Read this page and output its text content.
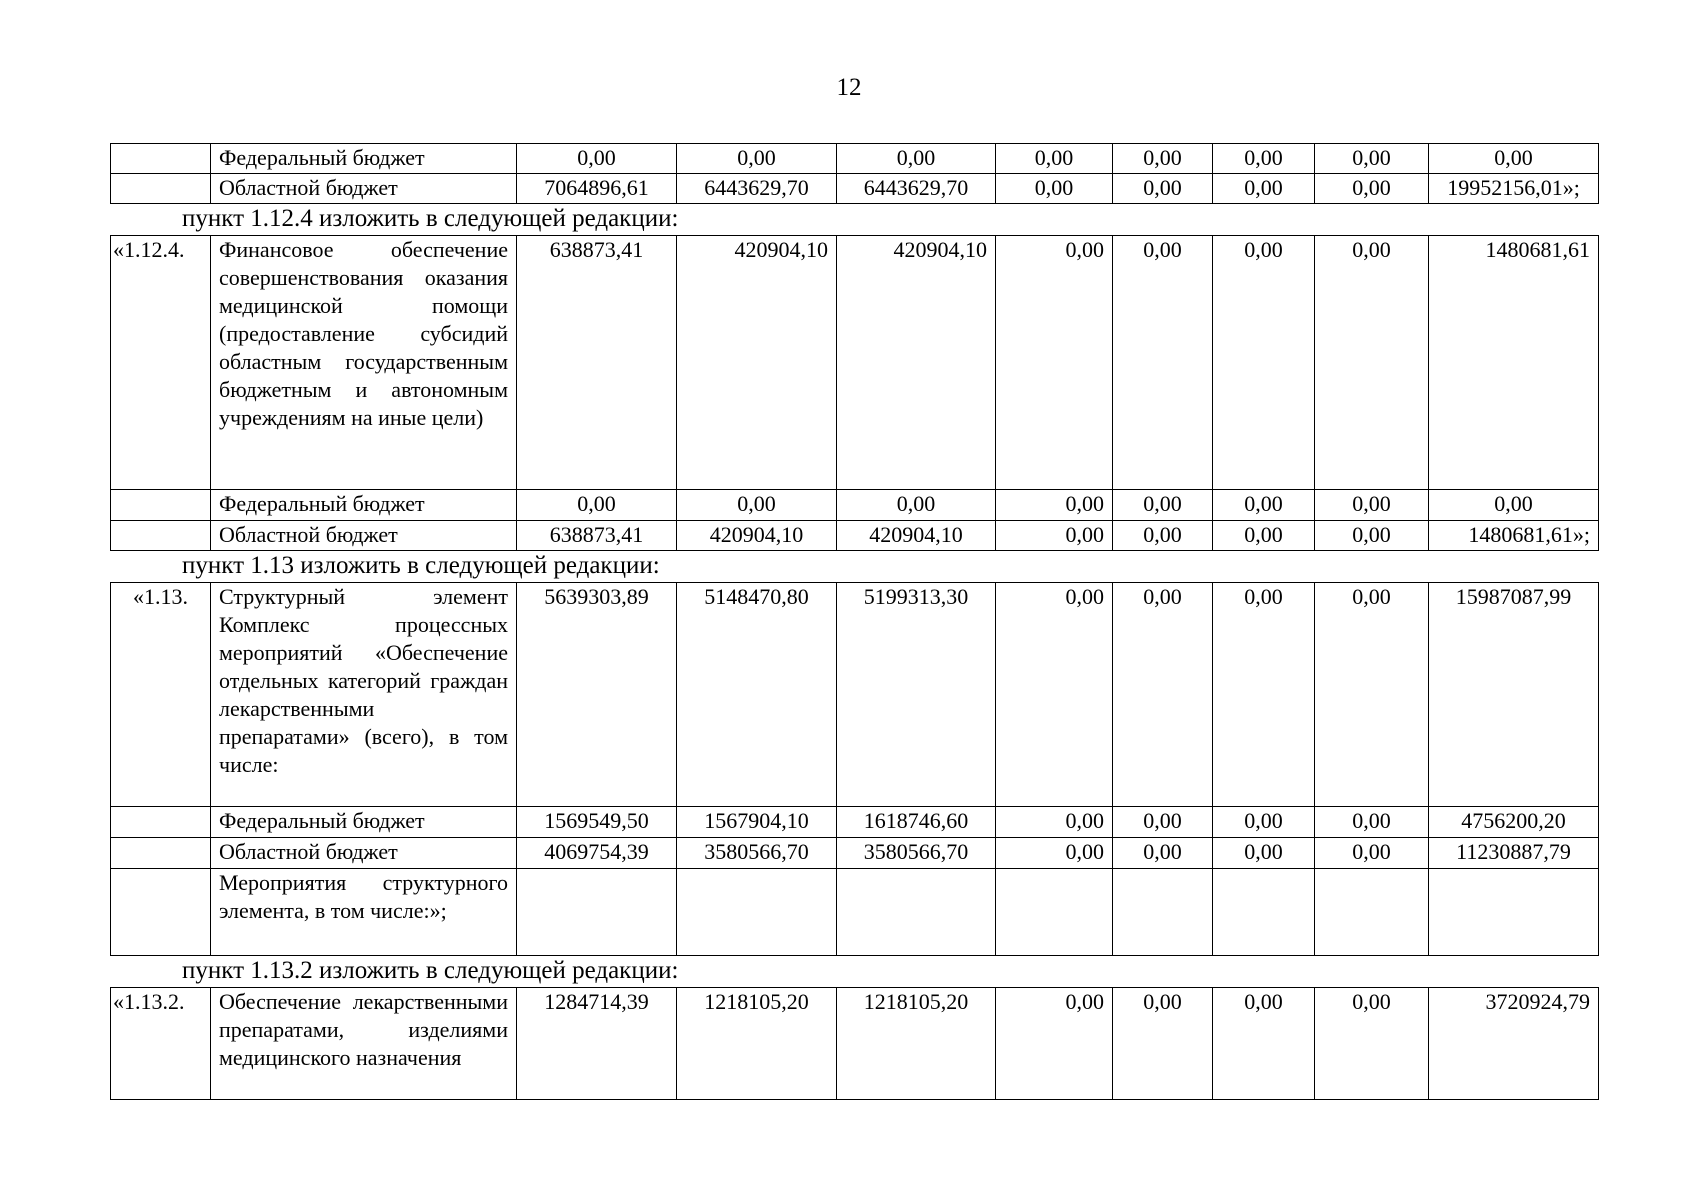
12
	Федеральный бюджет	0,00	0,00	0,00	0,00	0,00	0,00	0,00	0,00
	Областной бюджет	7064896,61	6443629,70	6443629,70	0,00	0,00	0,00	0,00	19952156,01»;
пункт 1.12.4 изложить в следующей редакции:
«1.12.4.	Финансовое обеспечение совершенствования оказания медицинской помощи (предоставление субсидий областным государственным бюджетным и автономным учреждениям на иные цели)	638873,41	420904,10	420904,10	0,00	0,00	0,00	0,00	1480681,61
	Федеральный бюджет	0,00	0,00	0,00	0,00	0,00	0,00	0,00	0,00
	Областной бюджет	638873,41	420904,10	420904,10	0,00	0,00	0,00	0,00	1480681,61»;
пункт 1.13 изложить в следующей редакции:
«1.13.	Структурный элемент Комплекс процессных мероприятий «Обеспечение отдельных категорий граждан лекарственными препаратами» (всего), в том числе:	5639303,89	5148470,80	5199313,30	0,00	0,00	0,00	0,00	15987087,99
	Федеральный бюджет	1569549,50	1567904,10	1618746,60	0,00	0,00	0,00	0,00	4756200,20
	Областной бюджет	4069754,39	3580566,70	3580566,70	0,00	0,00	0,00	0,00	11230887,79
	Мероприятия структурного элемента, в том числе:»;								
пункт 1.13.2 изложить в следующей редакции:
«1.13.2.	Обеспечение лекарственными препаратами, изделиями медицинского назначения	1284714,39	1218105,20	1218105,20	0,00	0,00	0,00	0,00	3720924,79
